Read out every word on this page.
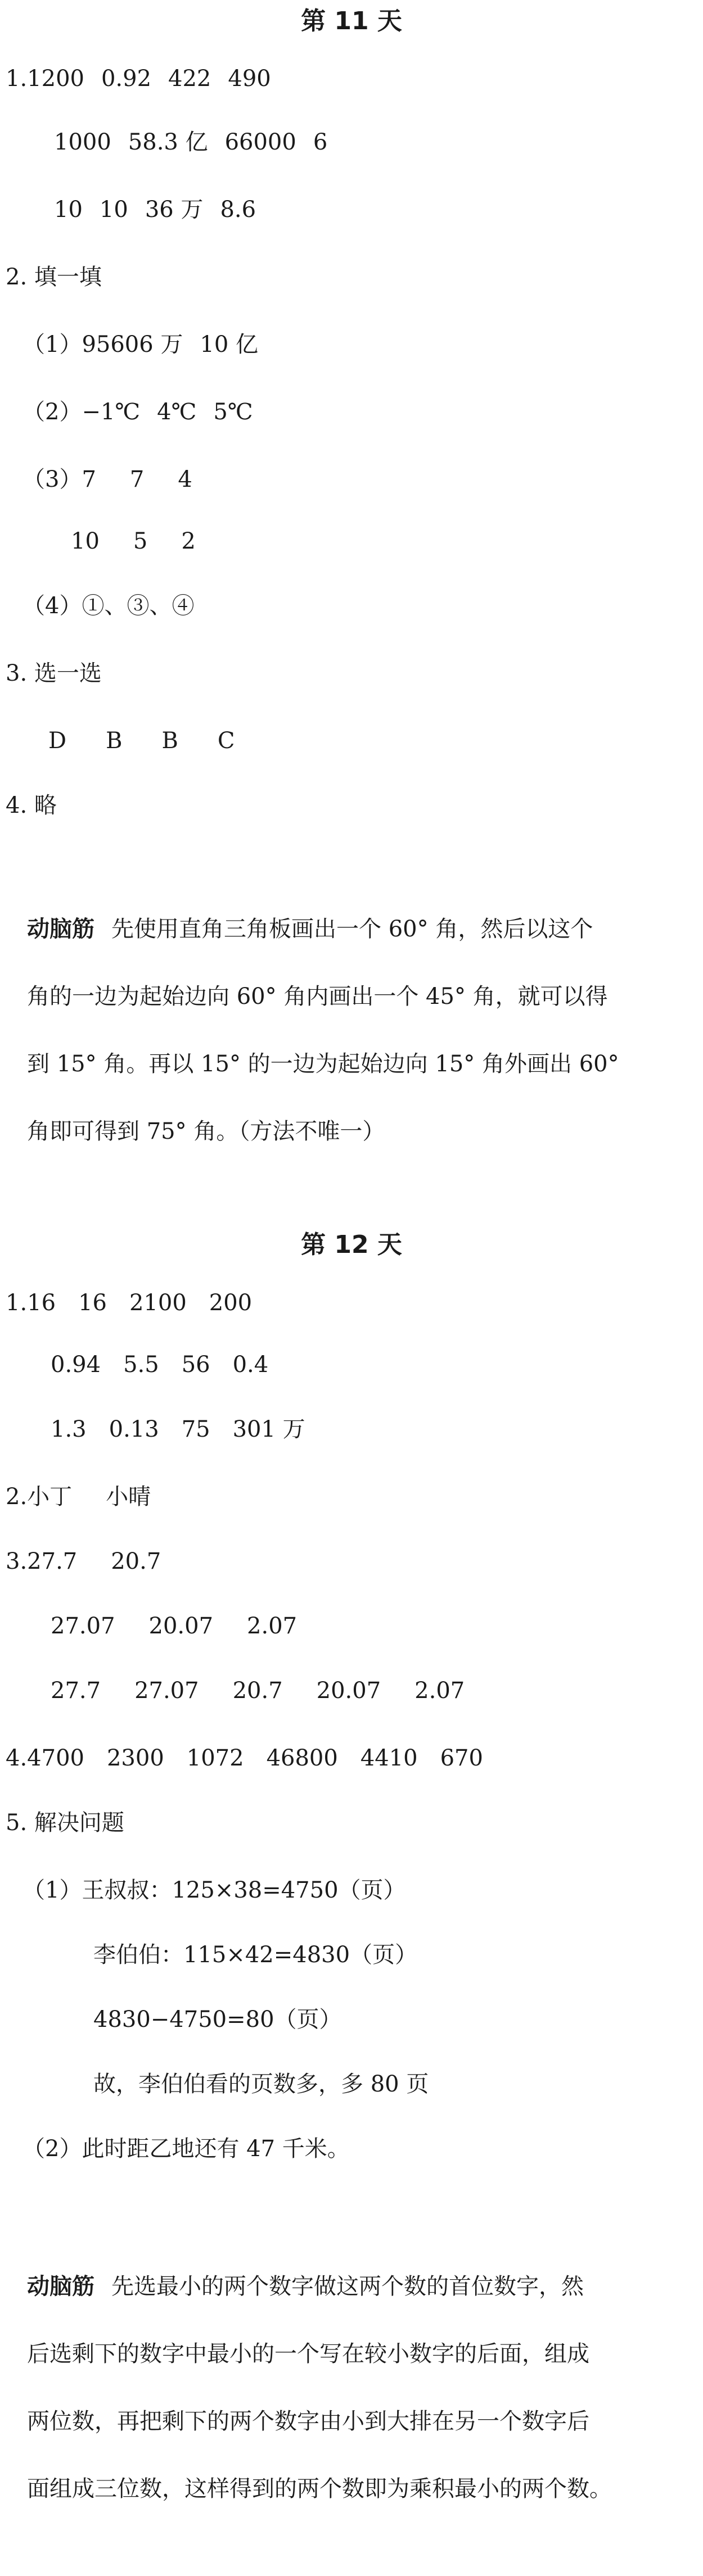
第 11 天
1.1200 0.92 422 490
1000 58.3 亿 66000 6
10 10 36 万 8.6
2. 填一填
（1）95606 万 10 亿
（2）−1℃ 4℃ 5℃
（3）7 7 4
10 5 2
（4）①、③、④
3. 选一选
D B B C
4. 略
动脑筋 先使用直角三角板画出一个 60° 角，然后以这个
角的一边为起始边向 60° 角内画出一个 45° 角，就可以得
到 15° 角。再以 15° 的一边为起始边向 15° 角外画出 60°
角即可得到 75° 角。（方法不唯一）
第 12 天
1.16 16 2100 200
0.94 5.5 56 0.4
1.3 0.13 75 301 万
2.小丁 小晴
3.27.7 20.7
27.07 20.07 2.07
27.7 27.07 20.7 20.07 2.07
4.4700 2300 1072 46800 4410 670
5. 解决问题
（1）王叔叔：125×38=4750（页）
李伯伯：115×42=4830（页）
4830−4750=80（页）
故，李伯伯看的页数多，多 80 页
（2）此时距乙地还有 47 千米。
动脑筋 先选最小的两个数字做这两个数的首位数字，然
后选剩下的数字中最小的一个写在较小数字的后面，组成
两位数，再把剩下的两个数字由小到大排在另一个数字后
面组成三位数，这样得到的两个数即为乘积最小的两个数。
